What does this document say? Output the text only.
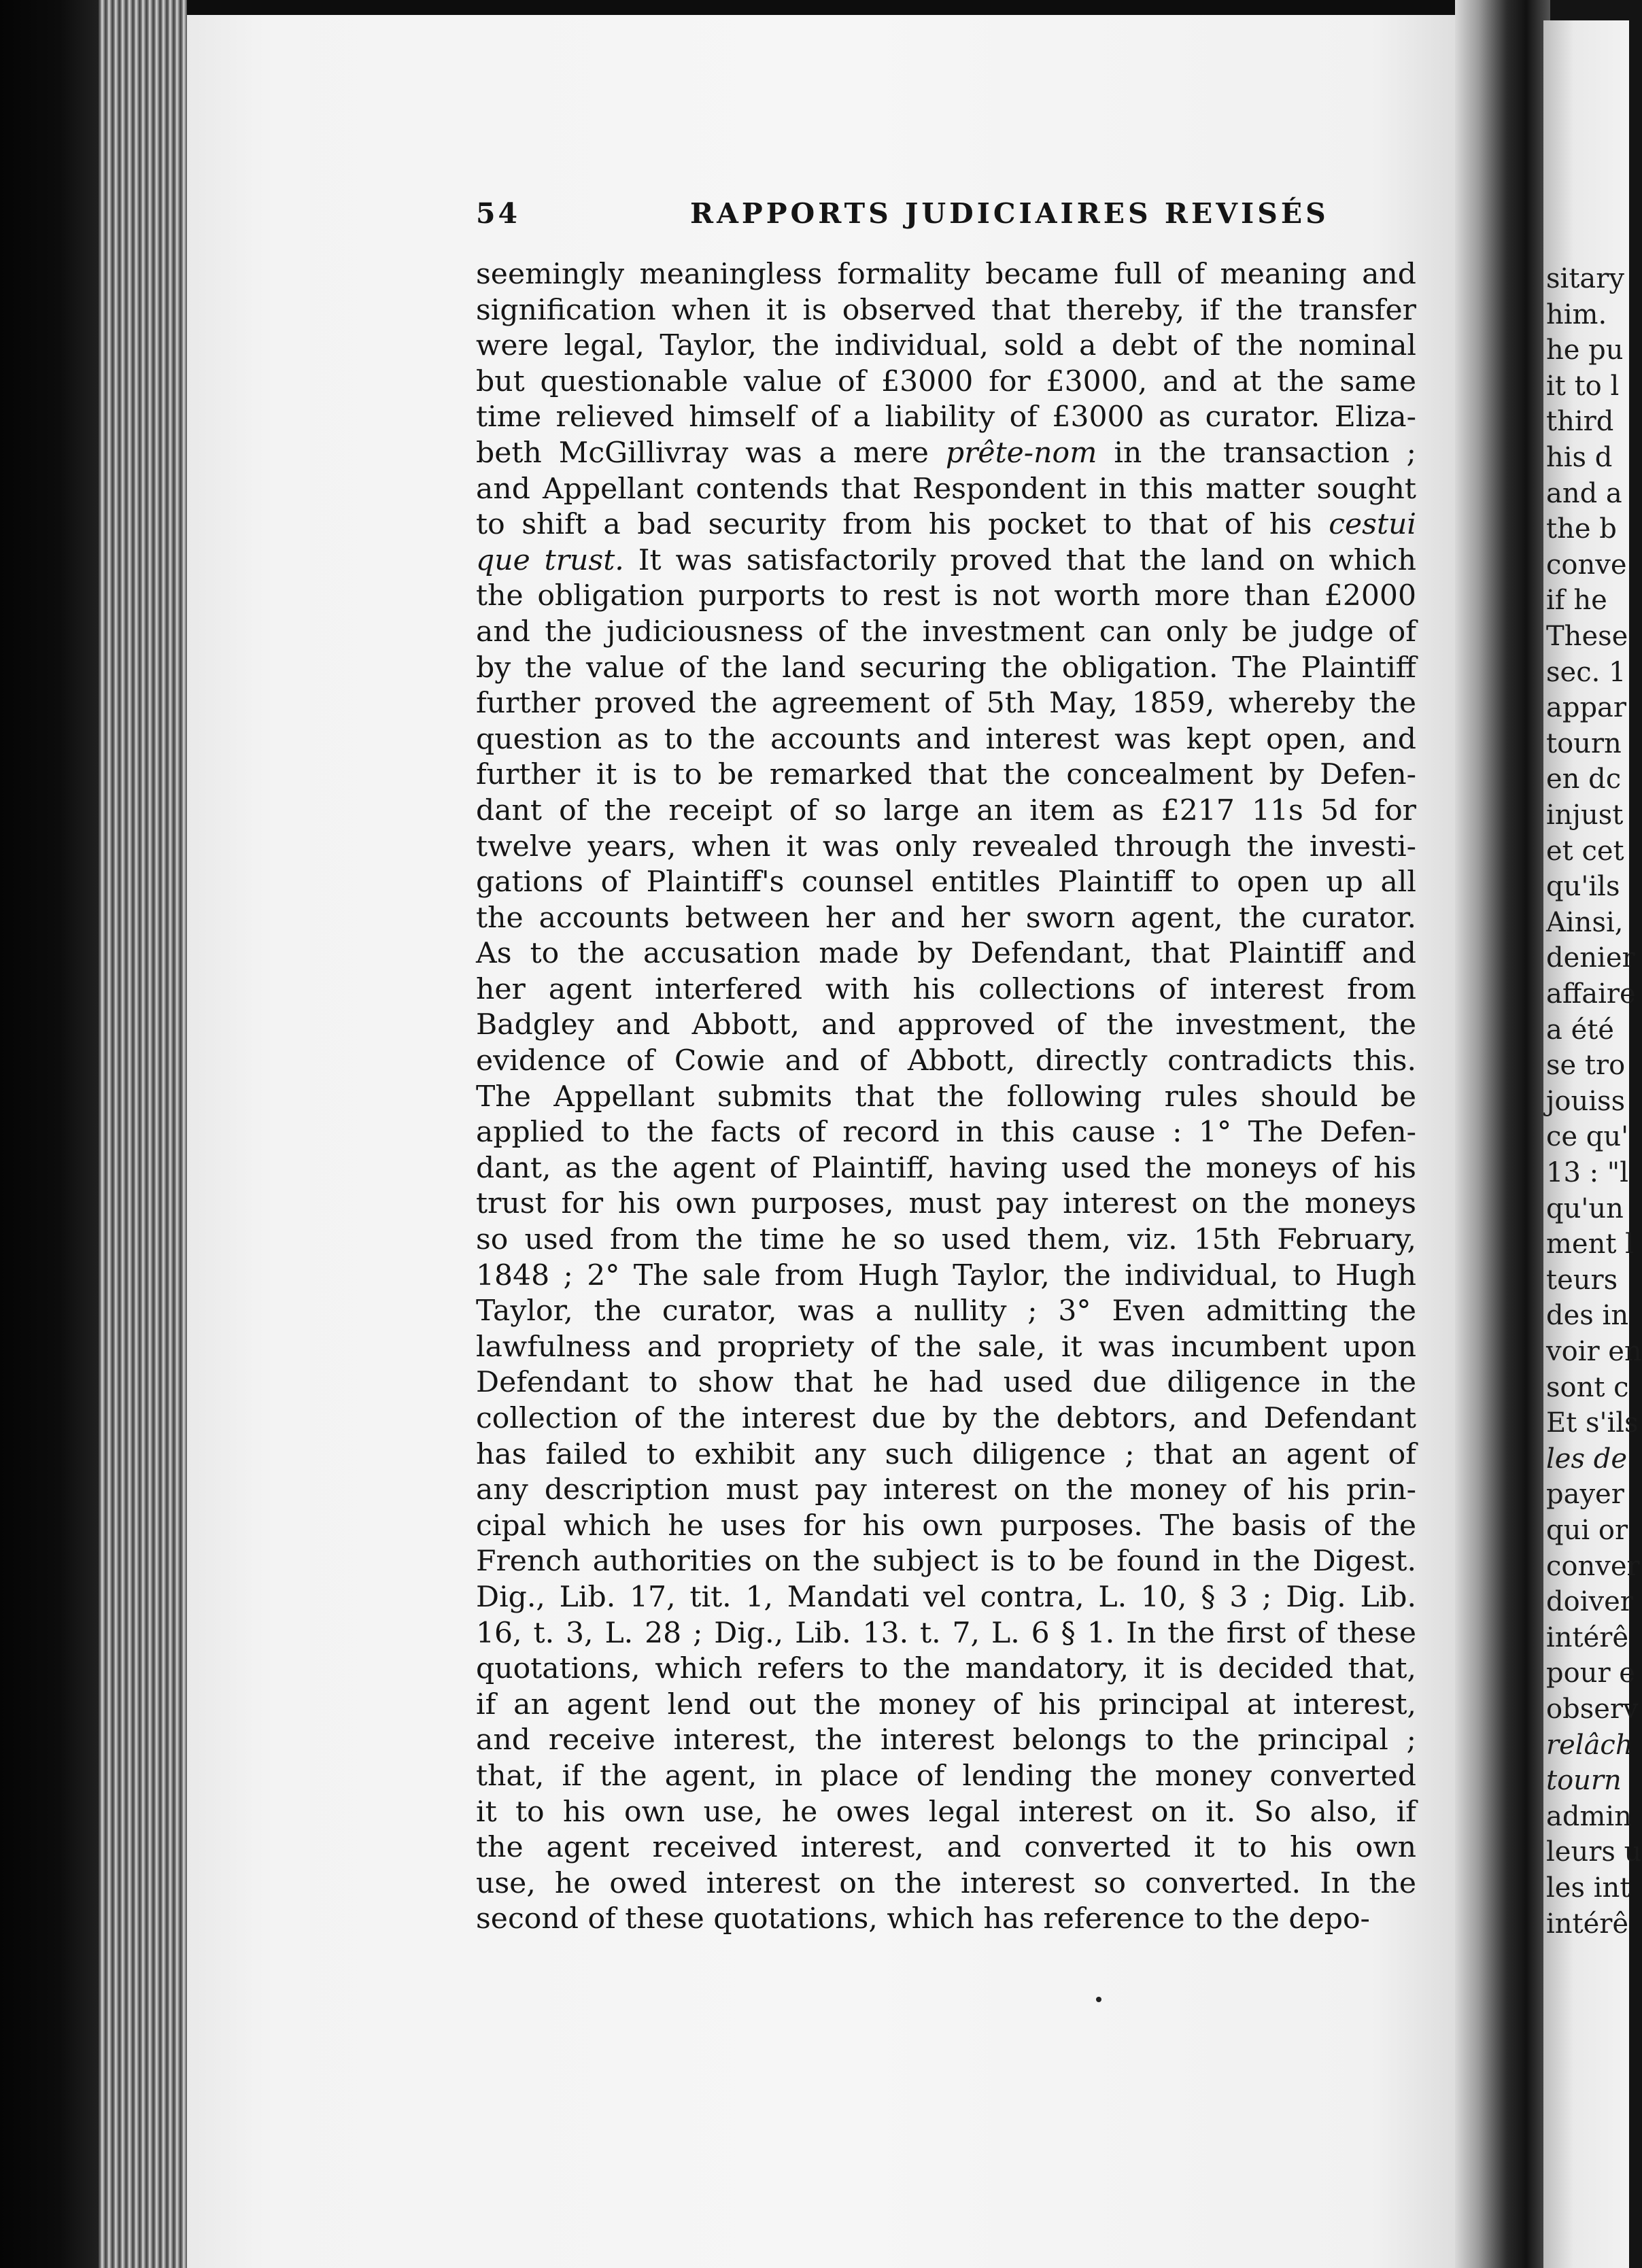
sitary
him.
he pu
it to l
third
his d
and a
the b
conve
if he
These
sec. 1
appar
tourn
en dc
injust
et cet
qu'ils
Ainsi,
denier
affaire
a été
se tro
jouiss
ce qu'
13 : "l
qu'un
ment l
teurs
des in
voir en
sont c
Et s'ils
les de
payer
qui or
conver
doiver
intérê
pour e
observ
relâch
tourn
admin
leurs u
les int
intérê
54	RAPPORTS JUDICIAIRES REVISÉS
seemingly meaningless formality became full of meaning and
signification when it is observed that thereby, if the transfer
were legal, Taylor, the individual, sold a debt of the nominal
but questionable value of £3000 for £3000, and at the same
time relieved himself of a liability of £3000 as curator. Eliza-
beth McGillivray was a mere prête-nom in the transaction ;
and Appellant contends that Respondent in this matter sought
to shift a bad security from his pocket to that of his cestui
que trust. It was satisfactorily proved that the land on which
the obligation purports to rest is not worth more than £2000
and the judiciousness of the investment can only be judge of
by the value of the land securing the obligation. The Plaintiff
further proved the agreement of 5th May, 1859, whereby the
question as to the accounts and interest was kept open, and
further it is to be remarked that the concealment by Defen-
dant of the receipt of so large an item as £217 11s 5d for
twelve years, when it was only revealed through the investi-
gations of Plaintiff's counsel entitles Plaintiff to open up all
the accounts between her and her sworn agent, the curator.
As to the accusation made by Defendant, that Plaintiff and
her agent interfered with his collections of interest from
Badgley and Abbott, and approved of the investment, the
evidence of Cowie and of Abbott, directly contradicts this.
The Appellant submits that the following rules should be
applied to the facts of record in this cause : 1° The Defen-
dant, as the agent of Plaintiff, having used the moneys of his
trust for his own purposes, must pay interest on the moneys
so used from the time he so used them, viz. 15th February,
1848 ; 2° The sale from Hugh Taylor, the individual, to Hugh
Taylor, the curator, was a nullity ; 3° Even admitting the
lawfulness and propriety of the sale, it was incumbent upon
Defendant to show that he had used due diligence in the
collection of the interest due by the debtors, and Defendant
has failed to exhibit any such diligence ; that an agent of
any description must pay interest on the money of his prin-
cipal which he uses for his own purposes. The basis of the
French authorities on the subject is to be found in the Digest.
Dig., Lib. 17, tit. 1, Mandati vel contra, L. 10, § 3 ; Dig. Lib.
16, t. 3, L. 28 ; Dig., Lib. 13. t. 7, L. 6 § 1. In the first of these
quotations, which refers to the mandatory, it is decided that,
if an agent lend out the money of his principal at interest,
and receive interest, the interest belongs to the principal ;
that, if the agent, in place of lending the money converted
it to his own use, he owes legal interest on it. So also, if
the agent received interest, and converted it to his own
use, he owed interest on the interest so converted. In the
second of these quotations, which has reference to the depo-
